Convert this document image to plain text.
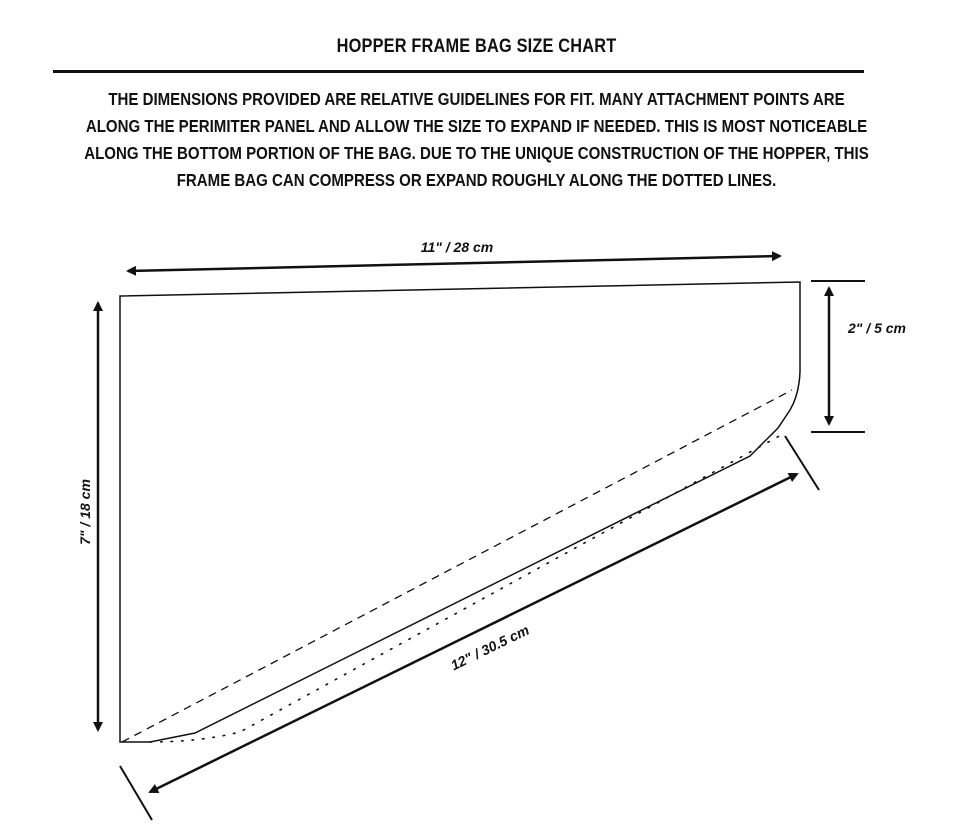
HOPPER FRAME BAG SIZE CHART
THE DIMENSIONS PROVIDED ARE RELATIVE GUIDELINES FOR FIT. MANY ATTACHMENT POINTS ARE ALONG THE PERIMITER PANEL AND ALLOW THE SIZE TO EXPAND IF NEEDED. THIS IS MOST NOTICEABLE ALONG THE BOTTOM PORTION OF THE BAG. DUE TO THE UNIQUE CONSTRUCTION OF THE HOPPER, THIS FRAME BAG CAN COMPRESS OR EXPAND ROUGHLY ALONG THE DOTTED LINES.
11" / 28 cm
2" / 5 cm
7" / 18 cm
12" / 30.5 cm
